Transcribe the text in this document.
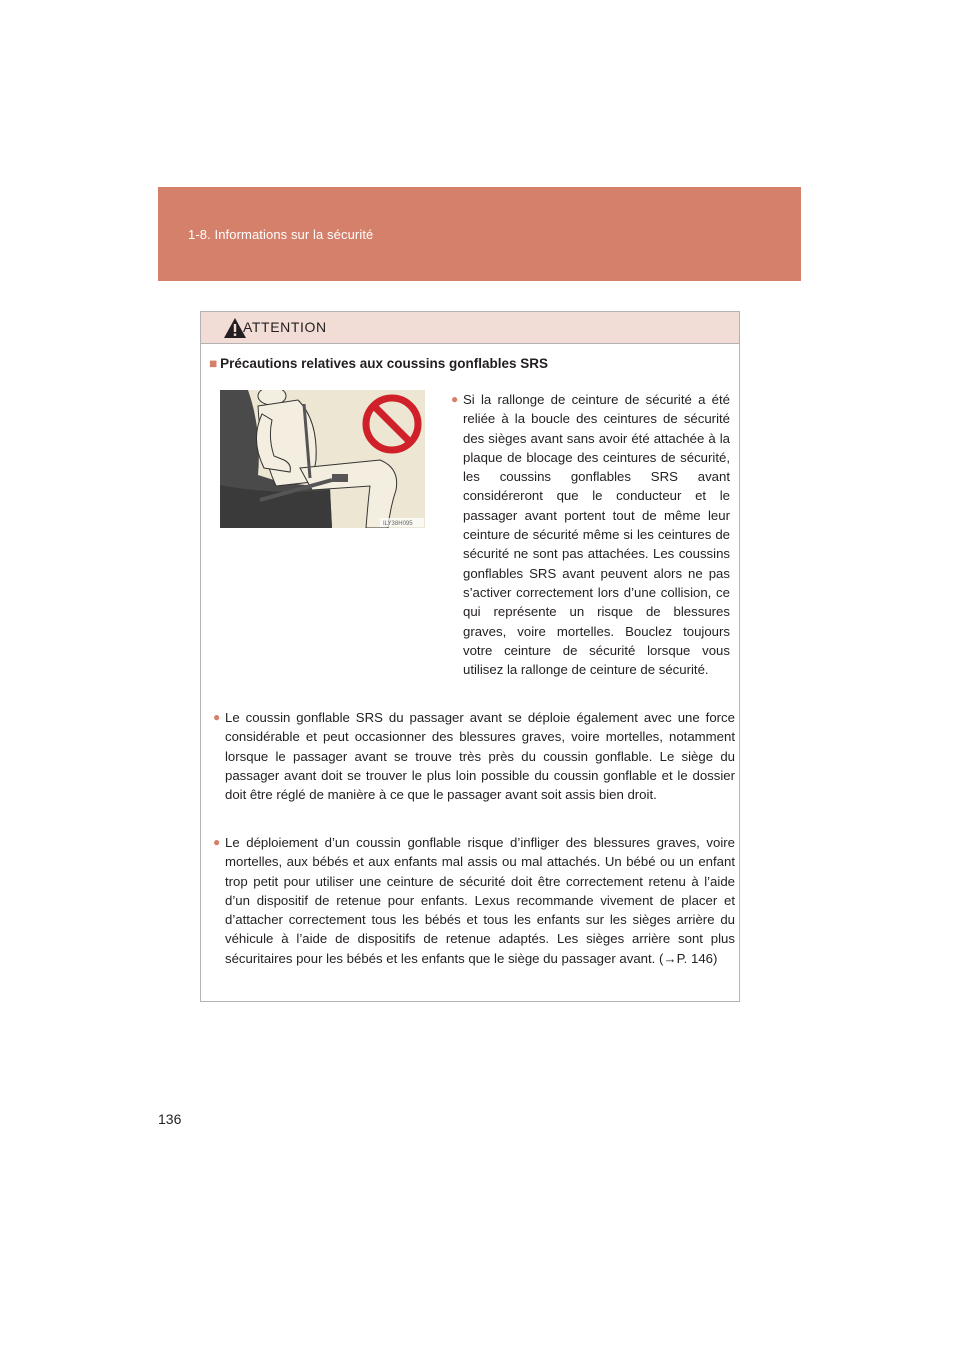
1-8. Informations sur la sécurité
ATTENTION
■ Précautions relatives aux coussins gonflables SRS
ILY38H095
● Si la rallonge de ceinture de sécurité a été reliée à la boucle des ceintures de sécurité des sièges avant sans avoir été attachée à la plaque de blocage des ceintures de sécurité, les coussins gonflables SRS avant considéreront que le conducteur et le passager avant portent tout de même leur ceinture de sécurité même si les ceintures de sécurité ne sont pas attachées. Les coussins gonflables SRS avant peuvent alors ne pas s’activer correctement lors d’une collision, ce qui représente un risque de blessures graves, voire mortelles. Bouclez toujours votre ceinture de sécurité lorsque vous utilisez la rallonge de ceinture de sécurité.
● Le coussin gonflable SRS du passager avant se déploie également avec une force considérable et peut occasionner des blessures graves, voire mortelles, notamment lorsque le passager avant se trouve très près du coussin gonflable. Le siège du passager avant doit se trouver le plus loin possible du coussin gonflable et le dossier doit être réglé de manière à ce que le passager avant soit assis bien droit.
● Le déploiement d’un coussin gonflable risque d’infliger des blessures graves, voire mortelles, aux bébés et aux enfants mal assis ou mal attachés. Un bébé ou un enfant trop petit pour utiliser une ceinture de sécurité doit être correctement retenu à l’aide d’un dispositif de retenue pour enfants. Lexus recommande vivement de placer et d’attacher correctement tous les bébés et tous les enfants sur les sièges arrière du véhicule à l’aide de dispositifs de retenue adaptés. Les sièges arrière sont plus sécuritaires pour les bébés et les enfants que le siège du passager avant. (→P. 146)
136
